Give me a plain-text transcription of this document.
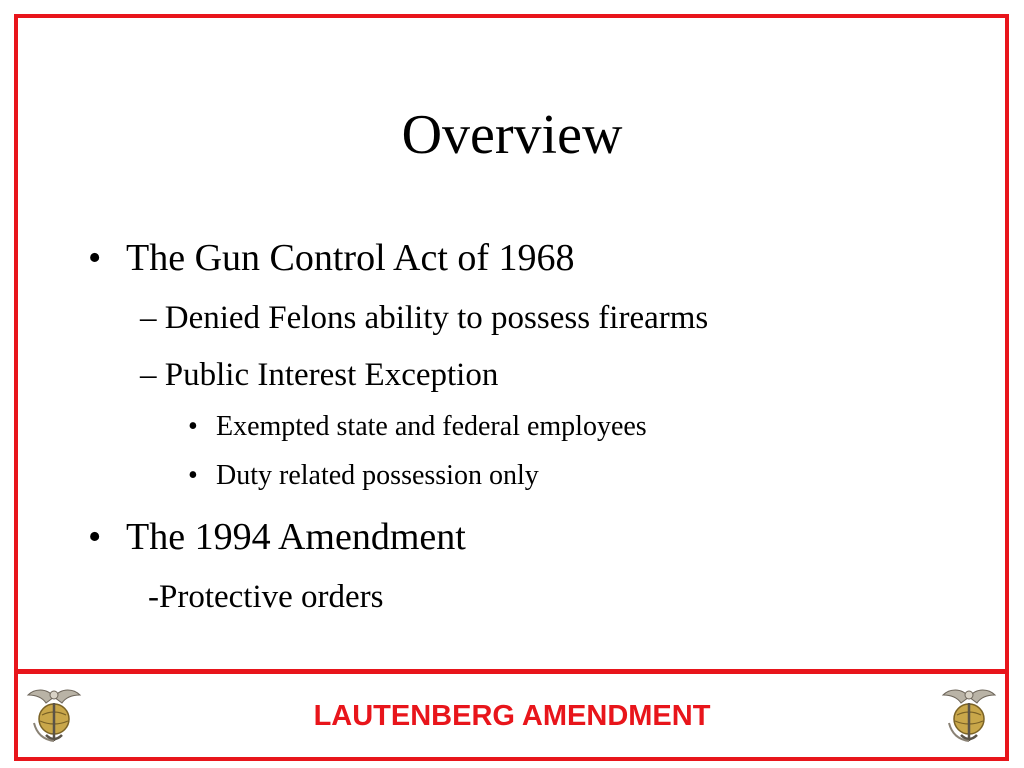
Overview
• The Gun Control Act of 1968
– Denied Felons ability to possess firearms
– Public Interest Exception
• Exempted state and federal employees
• Duty related possession only
• The 1994 Amendment
-Protective orders
LAUTENBERG AMENDMENT
